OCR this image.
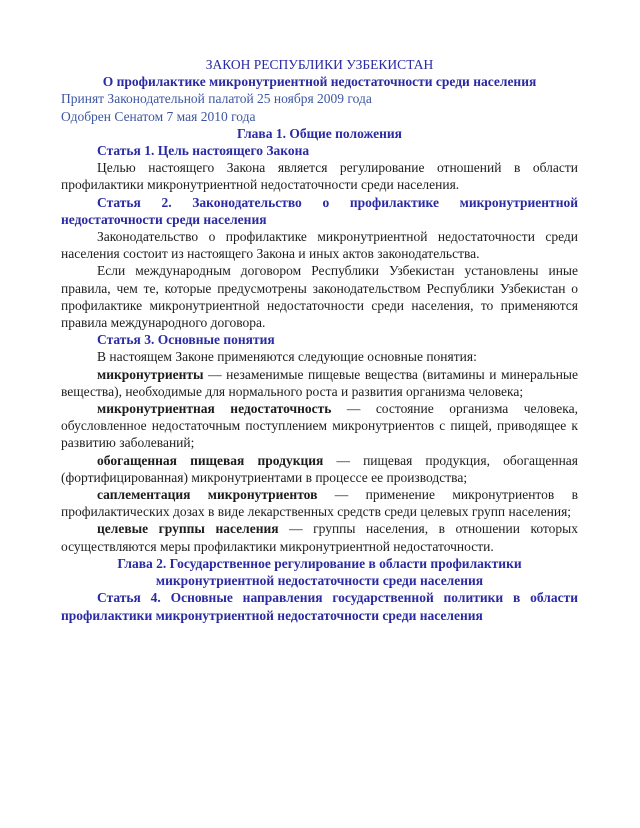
ЗАКОН РЕСПУБЛИКИ УЗБЕКИСТАН

О профилактике микронутриентной недостаточности среди населения

Принят Законодательной палатой 25 ноября 2009 года

Одобрен Сенатом 7 мая 2010 года

Глава 1. Общие положения

Статья 1. Цель настоящего Закона

Целью настоящего Закона является регулирование отношений в области профилактики микронутриентной недостаточности среди населения.

Статья 2. Законодательство о профилактике микронутриентной недостаточности среди населения

Законодательство о профилактике микронутриентной недостаточности среди населения состоит из настоящего Закона и иных актов законодательства.

Если международным договором Республики Узбекистан установлены иные правила, чем те, которые предусмотрены законодательством Республики Узбекистан о профилактике микронутриентной недостаточности среди населения, то применяются правила международного договора.

Статья 3. Основные понятия

В настоящем Законе применяются следующие основные понятия:

микронутриенты — незаменимые пищевые вещества (витамины и минеральные вещества), необходимые для нормального роста и развития организма человека;

микронутриентная недостаточность — состояние организма человека, обусловленное недостаточным поступлением микронутриентов с пищей, приводящее к развитию заболеваний;

обогащенная пищевая продукция — пищевая продукция, обогащенная (фортифицированная) микронутриентами в процессе ее производства;

саплементация микронутриентов — применение микронутриентов в профилактических дозах в виде лекарственных средств среди целевых групп населения;

целевые группы населения — группы населения, в отношении которых осуществляются меры профилактики микронутриентной недостаточности.

Глава 2. Государственное регулирование в области профилактики микронутриентной недостаточности среди населения

Статья 4. Основные направления государственной политики в области профилактики микронутриентной недостаточности среди населения
